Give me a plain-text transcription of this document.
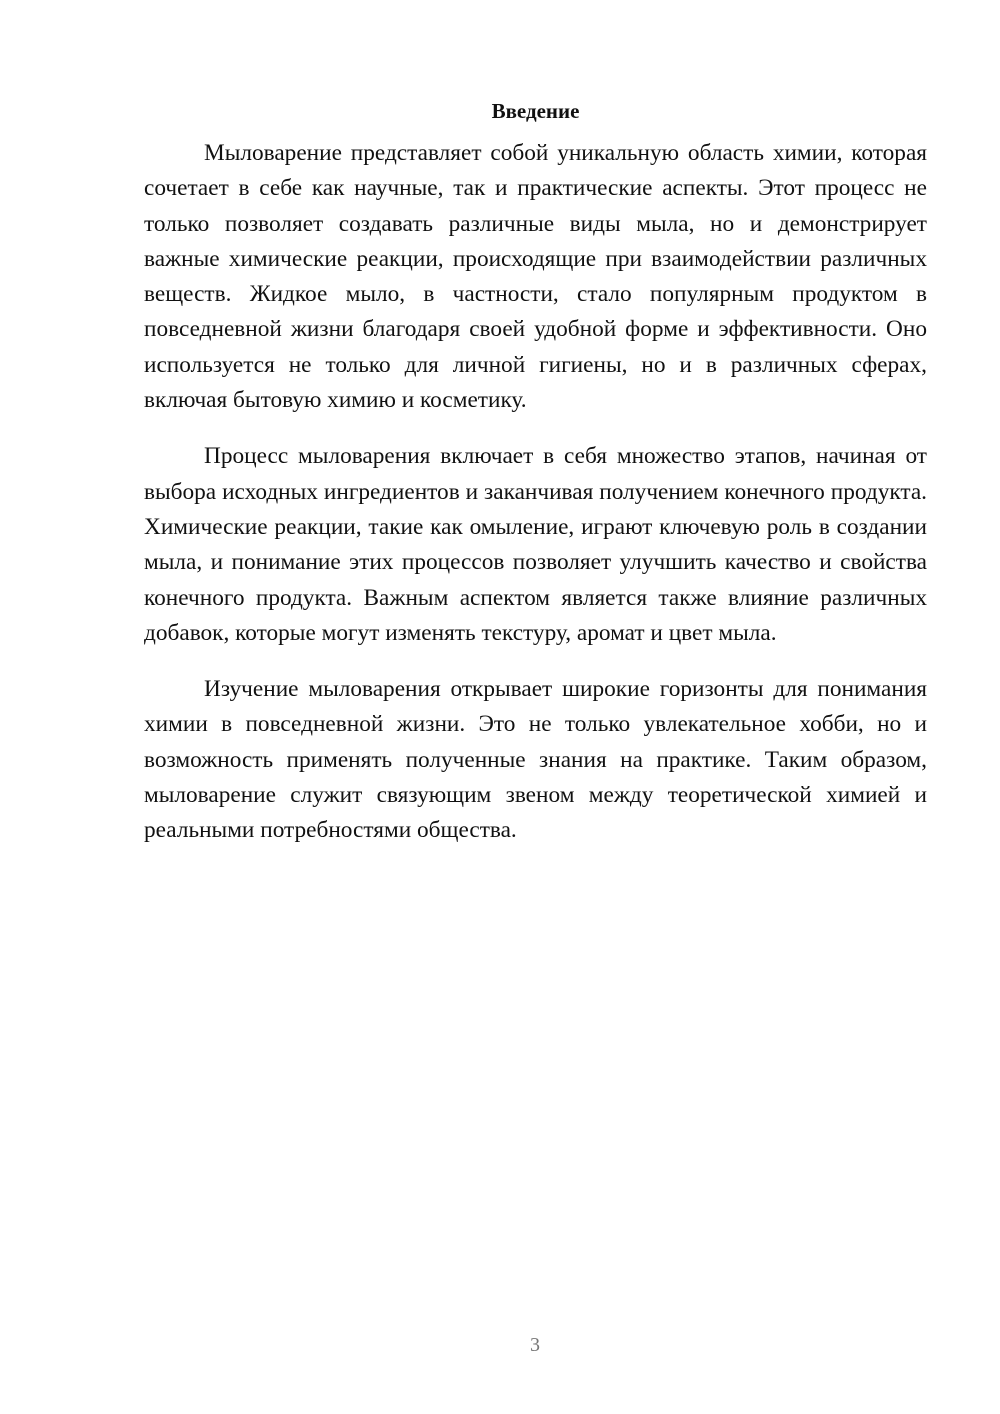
Введение

Мыловарение представляет собой уникальную область химии, которая сочетает в себе как научные, так и практические аспекты. Этот процесс не только позволяет создавать различные виды мыла, но и демонстрирует важные химические реакции, происходящие при взаимодействии различных веществ. Жидкое мыло, в частности, стало популярным продуктом в повседневной жизни благодаря своей удобной форме и эффективности. Оно используется не только для личной гигиены, но и в различных сферах, включая бытовую химию и косметику.

Процесс мыловарения включает в себя множество этапов, начиная от выбора исходных ингредиентов и заканчивая получением конечного продукта. Химические реакции, такие как омыление, играют ключевую роль в создании мыла, и понимание этих процессов позволяет улучшить качество и свойства конечного продукта. Важным аспектом является также влияние различных добавок, которые могут изменять текстуру, аромат и цвет мыла.

Изучение мыловарения открывает широкие горизонты для понимания химии в повседневной жизни. Это не только увлекательное хобби, но и возможность применять полученные знания на практике. Таким образом, мыловарение служит связующим звеном между теоретической химией и реальными потребностями общества.

3
